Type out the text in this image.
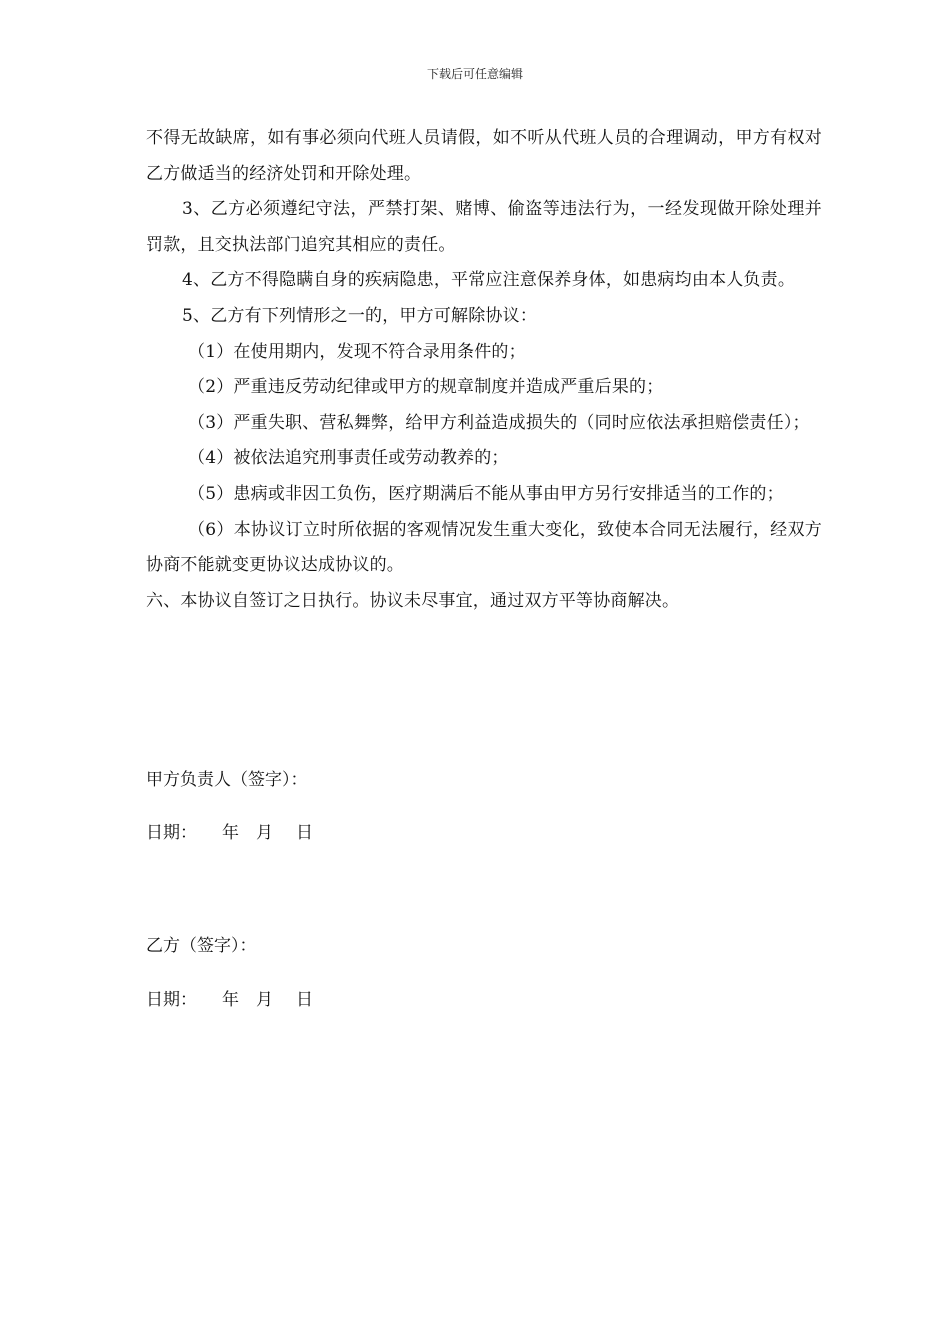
下载后可任意编辑

不得无故缺席，如有事必须向代班人员请假，如不听从代班人员的合理调动，甲方有权对乙方做适当的经济处罚和开除处理。

3、乙方必须遵纪守法，严禁打架、赌博、偷盗等违法行为，一经发现做开除处理并罚款，且交执法部门追究其相应的责任。

4、乙方不得隐瞒自身的疾病隐患，平常应注意保养身体，如患病均由本人负责。

5、乙方有下列情形之一的，甲方可解除协议：

（1）在使用期内，发现不符合录用条件的；

（2）严重违反劳动纪律或甲方的规章制度并造成严重后果的；

（3）严重失职、营私舞弊，给甲方利益造成损失的（同时应依法承担赔偿责任）；

（4）被依法追究刑事责任或劳动教养的；

（5）患病或非因工负伤，医疗期满后不能从事由甲方另行安排适当的工作的；

（6）本协议订立时所依据的客观情况发生重大变化，致使本合同无法履行，经双方协商不能就变更协议达成协议的。

六、本协议自签订之日执行。协议未尽事宜，通过双方平等协商解决。

甲方负责人（签字）：
日期： 年 月 日
乙方（签字）：
日期： 年 月 日
